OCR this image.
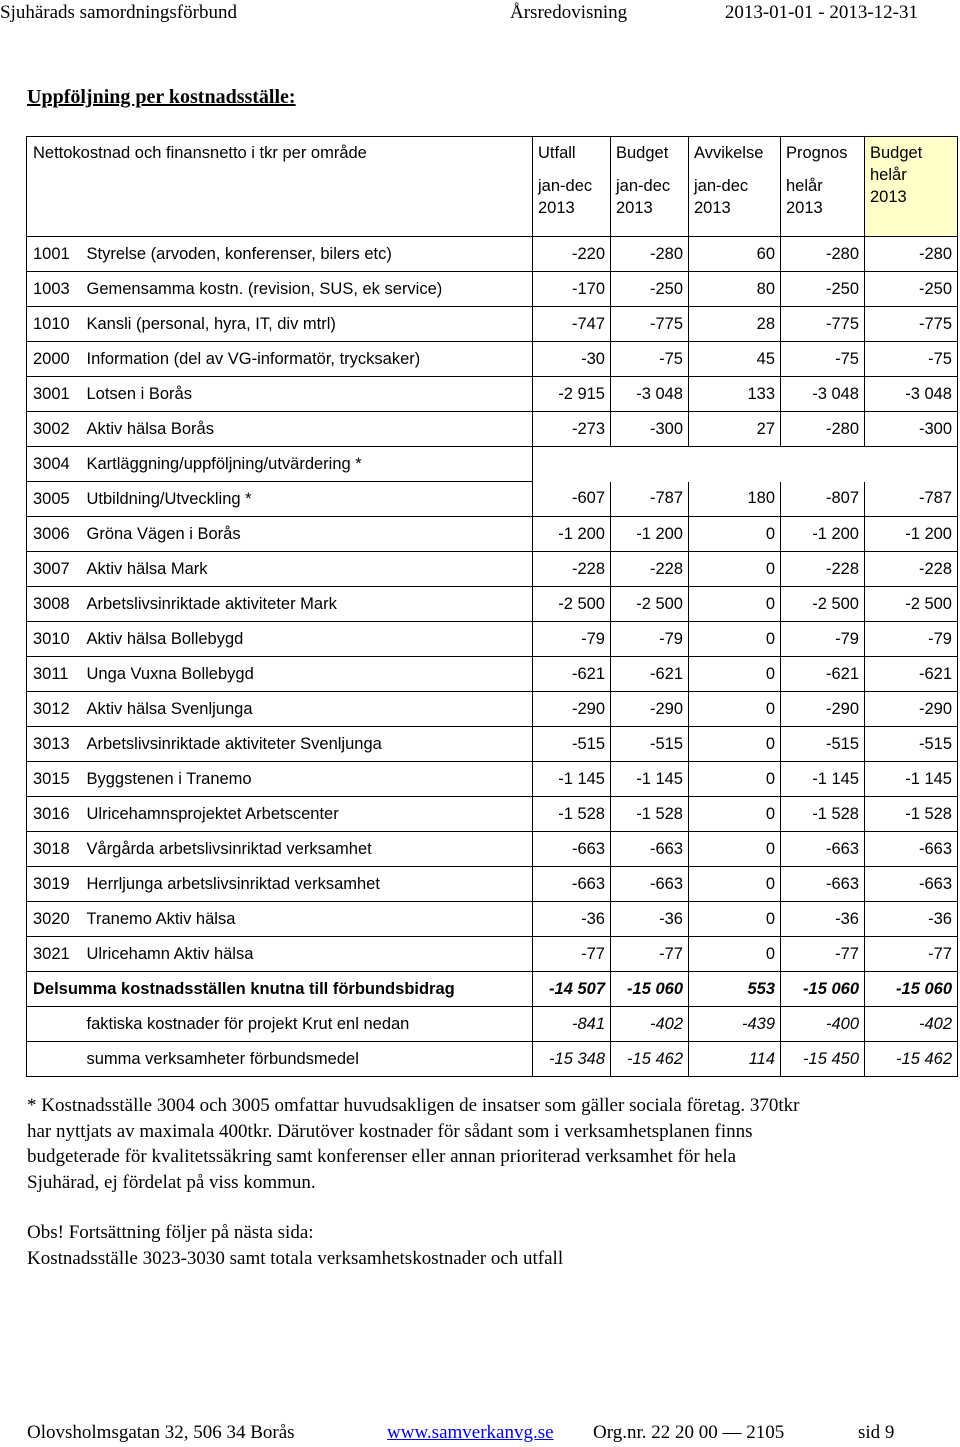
Sjuhärads samordningsförbund	Årsredovisning	2013-01-01 - 2013-12-31
Uppföljning per kostnadsställe:
Nettokostnad och finansnetto i tkr per område		Utfall
jan-dec
2013	Budget
jan-dec
2013	Avvikelse
jan-dec
2013	Prognos
helår
2013	Budget
helår
2013
1001	Styrelse (arvoden, konferenser, bilers etc)	-220	-280	60	-280	-280
1003	Gemensamma kostn. (revision, SUS, ek service)	-170	-250	80	-250	-250
1010	Kansli (personal, hyra, IT, div mtrl)	-747	-775	28	-775	-775
2000	Information (del av VG-informatör, trycksaker)	-30	-75	45	-75	-75
3001	Lotsen i Borås	-2 915	-3 048	133	-3 048	-3 048
3002	Aktiv hälsa Borås	-273	-300	27	-280	-300
3004	Kartläggning/uppföljning/utvärdering *					
3005	Utbildning/Utveckling *	-607	-787	180	-807	-787
3006	Gröna Vägen i Borås	-1 200	-1 200	0	-1 200	-1 200
3007	Aktiv hälsa Mark	-228	-228	0	-228	-228
3008	Arbetslivsinriktade aktiviteter Mark	-2 500	-2 500	0	-2 500	-2 500
3010	Aktiv hälsa Bollebygd	-79	-79	0	-79	-79
3011	Unga Vuxna Bollebygd	-621	-621	0	-621	-621
3012	Aktiv hälsa Svenljunga	-290	-290	0	-290	-290
3013	Arbetslivsinriktade aktiviteter Svenljunga	-515	-515	0	-515	-515
3015	Byggstenen i Tranemo	-1 145	-1 145	0	-1 145	-1 145
3016	Ulricehamnsprojektet Arbetscenter	-1 528	-1 528	0	-1 528	-1 528
3018	Vårgårda arbetslivsinriktad verksamhet	-663	-663	0	-663	-663
3019	Herrljunga arbetslivsinriktad verksamhet	-663	-663	0	-663	-663
3020	Tranemo Aktiv hälsa	-36	-36	0	-36	-36
3021	Ulricehamn Aktiv hälsa	-77	-77	0	-77	-77
Delsumma kostnadsställen knutna till förbundsbidrag		-14 507	-15 060	553	-15 060	-15 060
	faktiska kostnader för projekt Krut enl nedan	-841	-402	-439	-400	-402
	summa verksamheter förbundsmedel	-15 348	-15 462	114	-15 450	-15 462
* Kostnadsställe 3004 och 3005 omfattar huvudsakligen de insatser som gäller sociala företag. 370tkr
har nyttjats av maximala 400tkr. Därutöver kostnader för sådant som i verksamhetsplanen finns
budgeterade för kvalitetssäkring samt konferenser eller annan prioriterad verksamhet för hela
Sjuhärad, ej fördelat på viss kommun.
Obs! Fortsättning följer på nästa sida:
Kostnadsställe 3023-3030 samt totala verksamhetskostnader och utfall
Olovsholmsgatan 32, 506 34 Borås	www.samverkanvg.se Org.nr. 22 20 00 — 2105	sid 9
